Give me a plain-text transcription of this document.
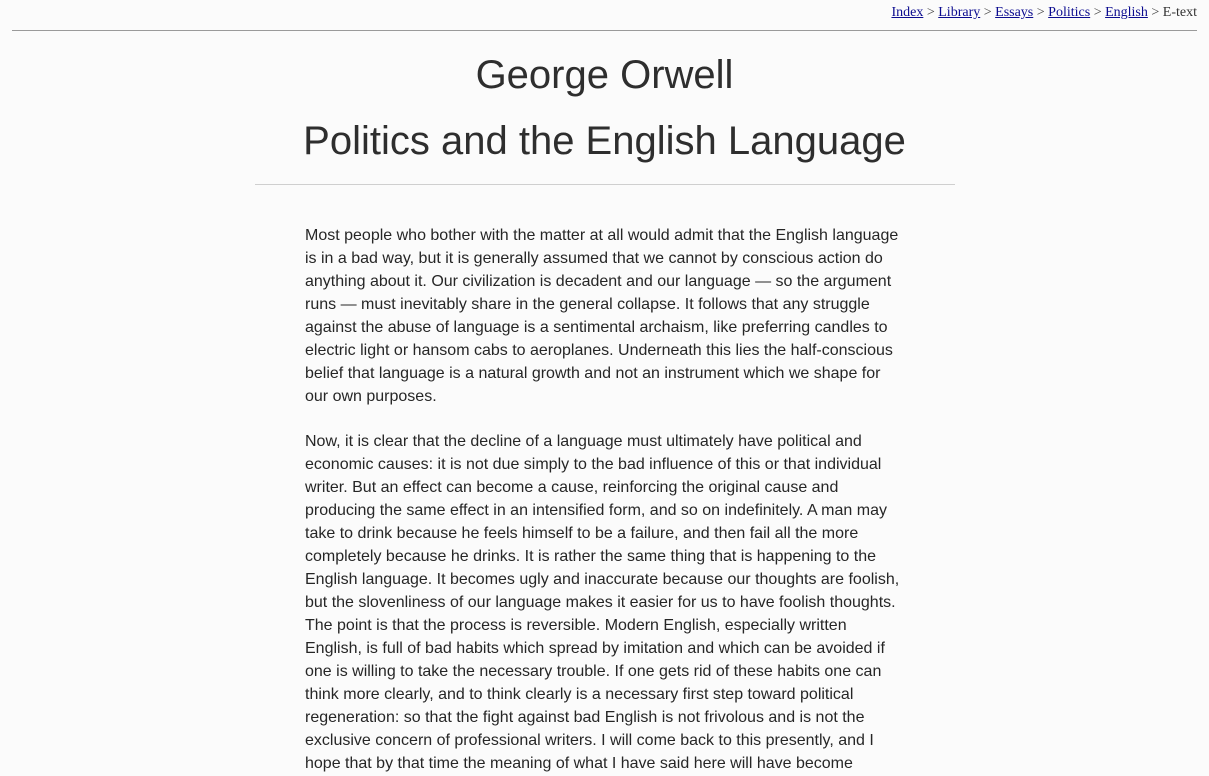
Index > Library > Essays > Politics > English > E-text
George Orwell
Politics and the English Language

Most people who bother with the matter at all would admit that the English language is in a bad way, but it is generally assumed that we cannot by conscious action do anything about it. Our civilization is decadent and our language — so the argument runs — must inevitably share in the general collapse. It follows that any struggle against the abuse of language is a sentimental archaism, like preferring candles to electric light or hansom cabs to aeroplanes. Underneath this lies the half-conscious belief that language is a natural growth and not an instrument which we shape for our own purposes.

Now, it is clear that the decline of a language must ultimately have political and economic causes: it is not due simply to the bad influence of this or that individual writer. But an effect can become a cause, reinforcing the original cause and producing the same effect in an intensified form, and so on indefinitely. A man may take to drink because he feels himself to be a failure, and then fail all the more completely because he drinks. It is rather the same thing that is happening to the English language. It becomes ugly and inaccurate because our thoughts are foolish, but the slovenliness of our language makes it easier for us to have foolish thoughts. The point is that the process is reversible. Modern English, especially written English, is full of bad habits which spread by imitation and which can be avoided if one is willing to take the necessary trouble. If one gets rid of these habits one can think more clearly, and to think clearly is a necessary first step toward political regeneration: so that the fight against bad English is not frivolous and is not the exclusive concern of professional writers. I will come back to this presently, and I hope that by that time the meaning of what I have said here will have become
